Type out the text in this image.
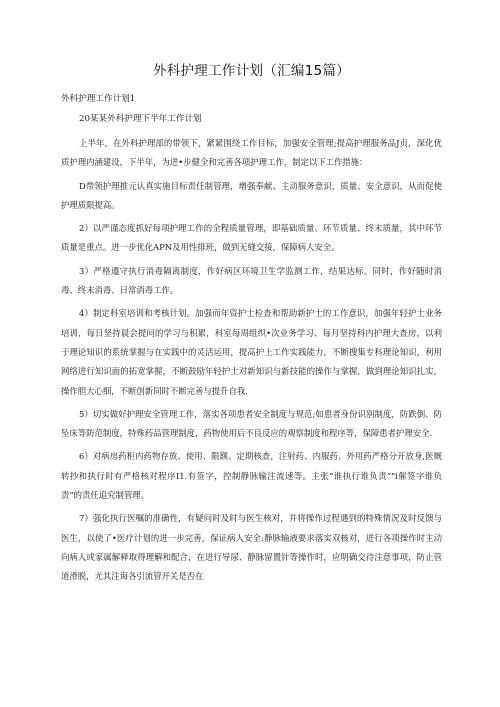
外科护理工作计划（汇编15篇）
外科护理工作计划1
20某某外科护理下半年工作计划

上半年，在外科护理部的带领下，紧紧围绕工作目标，加强安全管理;提高护理服务品J贞，深化优质护理内涵建设，下半年，为进•步健全和完善各项护理工作，制定以下工作措施：

D带领护理推元认真实施目标责任制管理，增强奉献、主动服务意识，质量、安全意识，从而促使护理质限提高。

2）以严谨态度抓好每项护理工作的全程质量管理，即基础质量、环节质量、终末质量，其中环节质量是重点。进一步优化APN及用性排班，做到无缝交接，保障病人安全。

3）严格遵守执行消毒隔离制度，作好病区环境卫生学监测工作，结果达标。同时，作好随时消毒、终末消毒、日常消毒工作。

4）制定科室培训和考核计划。加强而年资护士检查和帮助新护士的工作意识，加强年轻护士业务培训，每日坚持晨会提问的学习与积累，科室每周组织•次业务学习、每月坚持科内护理大查房，以利于理论知识的系统掌握与在实践中的灵活运用，提高护上工作实践能力，不断搜集专科理论知识，利用网络进行知识面的拓宽掌握，不断鼓励年轻护士对新知识与新技能的操作与掌握，做到理论知识扎实，操作胆大心细，不断创新同时不断完善与提升自我.

5）切实做好护理安全管理工作，落实各项患者安全制度与规范;如患者身份识别制度，防跌倒、防坠床等防范制度，特殊药品管理制度，药物使用后不良反应的观察制度和程序等，保障患者护理安全.

6）对病房药柜内药物存放、使用、限额、定期核查，注射药、内服药、外用药严格分开放身,医厩转抄和执行时有严格核对程序I1.有签字，控制静脉输注流速等。主张“谁执行谁负责”"i催签字谁负责”的责任追究制管理。

7）强化执行医嘱的准确性，有疑问时及时与医生核对，并将操作过程遇到的特殊情况及时反馈与医生，以使了•医疗计划的进一步完善，保证病人安全:静脉输液要求落实双核对，进行各项操作时主动向病人或家属解释取得理解和配合，在进行导尿、静脉留置针等操作时，应明确交待注意事项，防止管道滑脱，尤其注诲各引流管开关是否在
